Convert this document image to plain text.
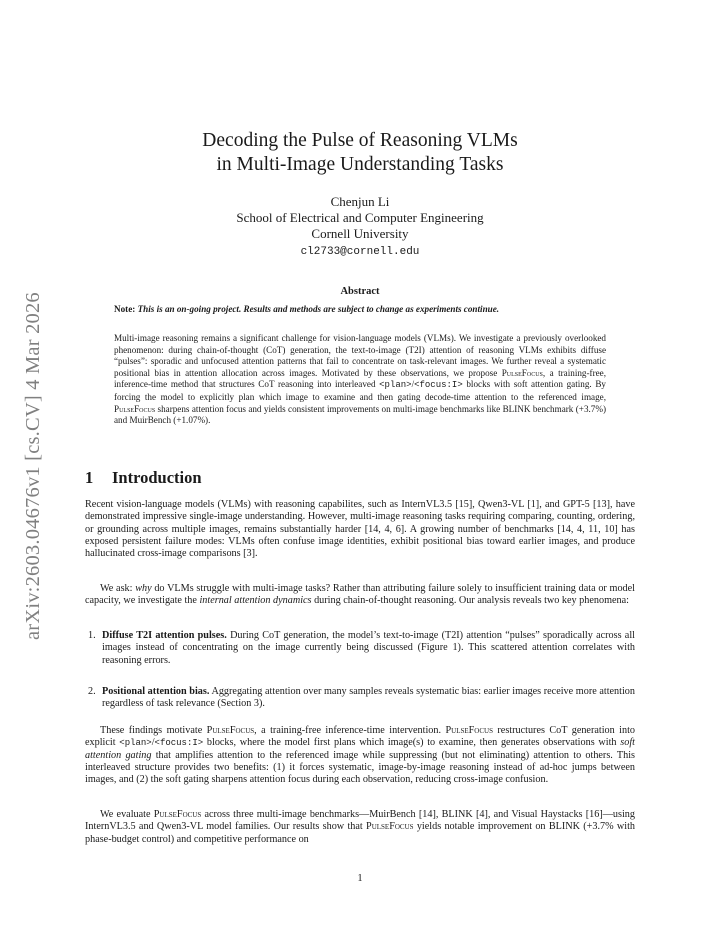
arXiv:2603.04676v1 [cs.CV] 4 Mar 2026
Decoding the Pulse of Reasoning VLMs
in Multi-Image Understanding Tasks
Chenjun Li
School of Electrical and Computer Engineering
Cornell University
cl2733@cornell.edu
Abstract
Note: This is an on-going project. Results and methods are subject to change as experiments continue.
Multi-image reasoning remains a significant challenge for vision-language models (VLMs). We investigate a previously overlooked phenomenon: during chain-of-thought (CoT) generation, the text-to-image (T2I) attention of reasoning VLMs exhibits diffuse “pulses”: sporadic and unfocused attention patterns that fail to concentrate on task-relevant images. We further reveal a systematic positional bias in attention allocation across images. Motivated by these observations, we propose PulseFocus, a training-free, inference-time method that structures CoT reasoning into interleaved <plan>/<focus:I> blocks with soft attention gating. By forcing the model to explicitly plan which image to examine and then gating decode-time attention to the referenced image, PulseFocus sharpens attention focus and yields consistent improvements on multi-image benchmarks like BLINK benchmark (+3.7%) and MuirBench (+1.07%).
1 Introduction
Recent vision-language models (VLMs) with reasoning capabilites, such as InternVL3.5 [15], Qwen3-VL [1], and GPT-5 [13], have demonstrated impressive single-image understanding. However, multi-image reasoning tasks requiring comparing, counting, ordering, or grounding across multiple images, remains substantially harder [14, 4, 6]. A growing number of benchmarks [14, 4, 11, 10] has exposed persistent failure modes: VLMs often confuse image identities, exhibit positional bias toward earlier images, and produce hallucinated cross-image comparisons [3].
We ask: why do VLMs struggle with multi-image tasks? Rather than attributing failure solely to insufficient training data or model capacity, we investigate the internal attention dynamics during chain-of-thought reasoning. Our analysis reveals two key phenomena:
1. Diffuse T2I attention pulses. During CoT generation, the model’s text-to-image (T2I) attention “pulses” sporadically across all images instead of concentrating on the image currently being discussed (Figure 1). This scattered attention correlates with reasoning errors.
2. Positional attention bias. Aggregating attention over many samples reveals systematic bias: earlier images receive more attention regardless of task relevance (Section 3).
These findings motivate PulseFocus, a training-free inference-time intervention. PulseFocus restructures CoT generation into explicit <plan>/<focus:I> blocks, where the model first plans which image(s) to examine, then generates observations with soft attention gating that amplifies attention to the referenced image while suppressing (but not eliminating) attention to others. This interleaved structure provides two benefits: (1) it forces systematic, image-by-image reasoning instead of ad-hoc jumps between images, and (2) the soft gating sharpens attention focus during each observation, reducing cross-image confusion.
We evaluate PulseFocus across three multi-image benchmarks—MuirBench [14], BLINK [4], and Visual Haystacks [16]—using InternVL3.5 and Qwen3-VL model families. Our results show that PulseFocus yields notable improvement on BLINK (+3.7% with phase-budget control) and competitive performance on
1
